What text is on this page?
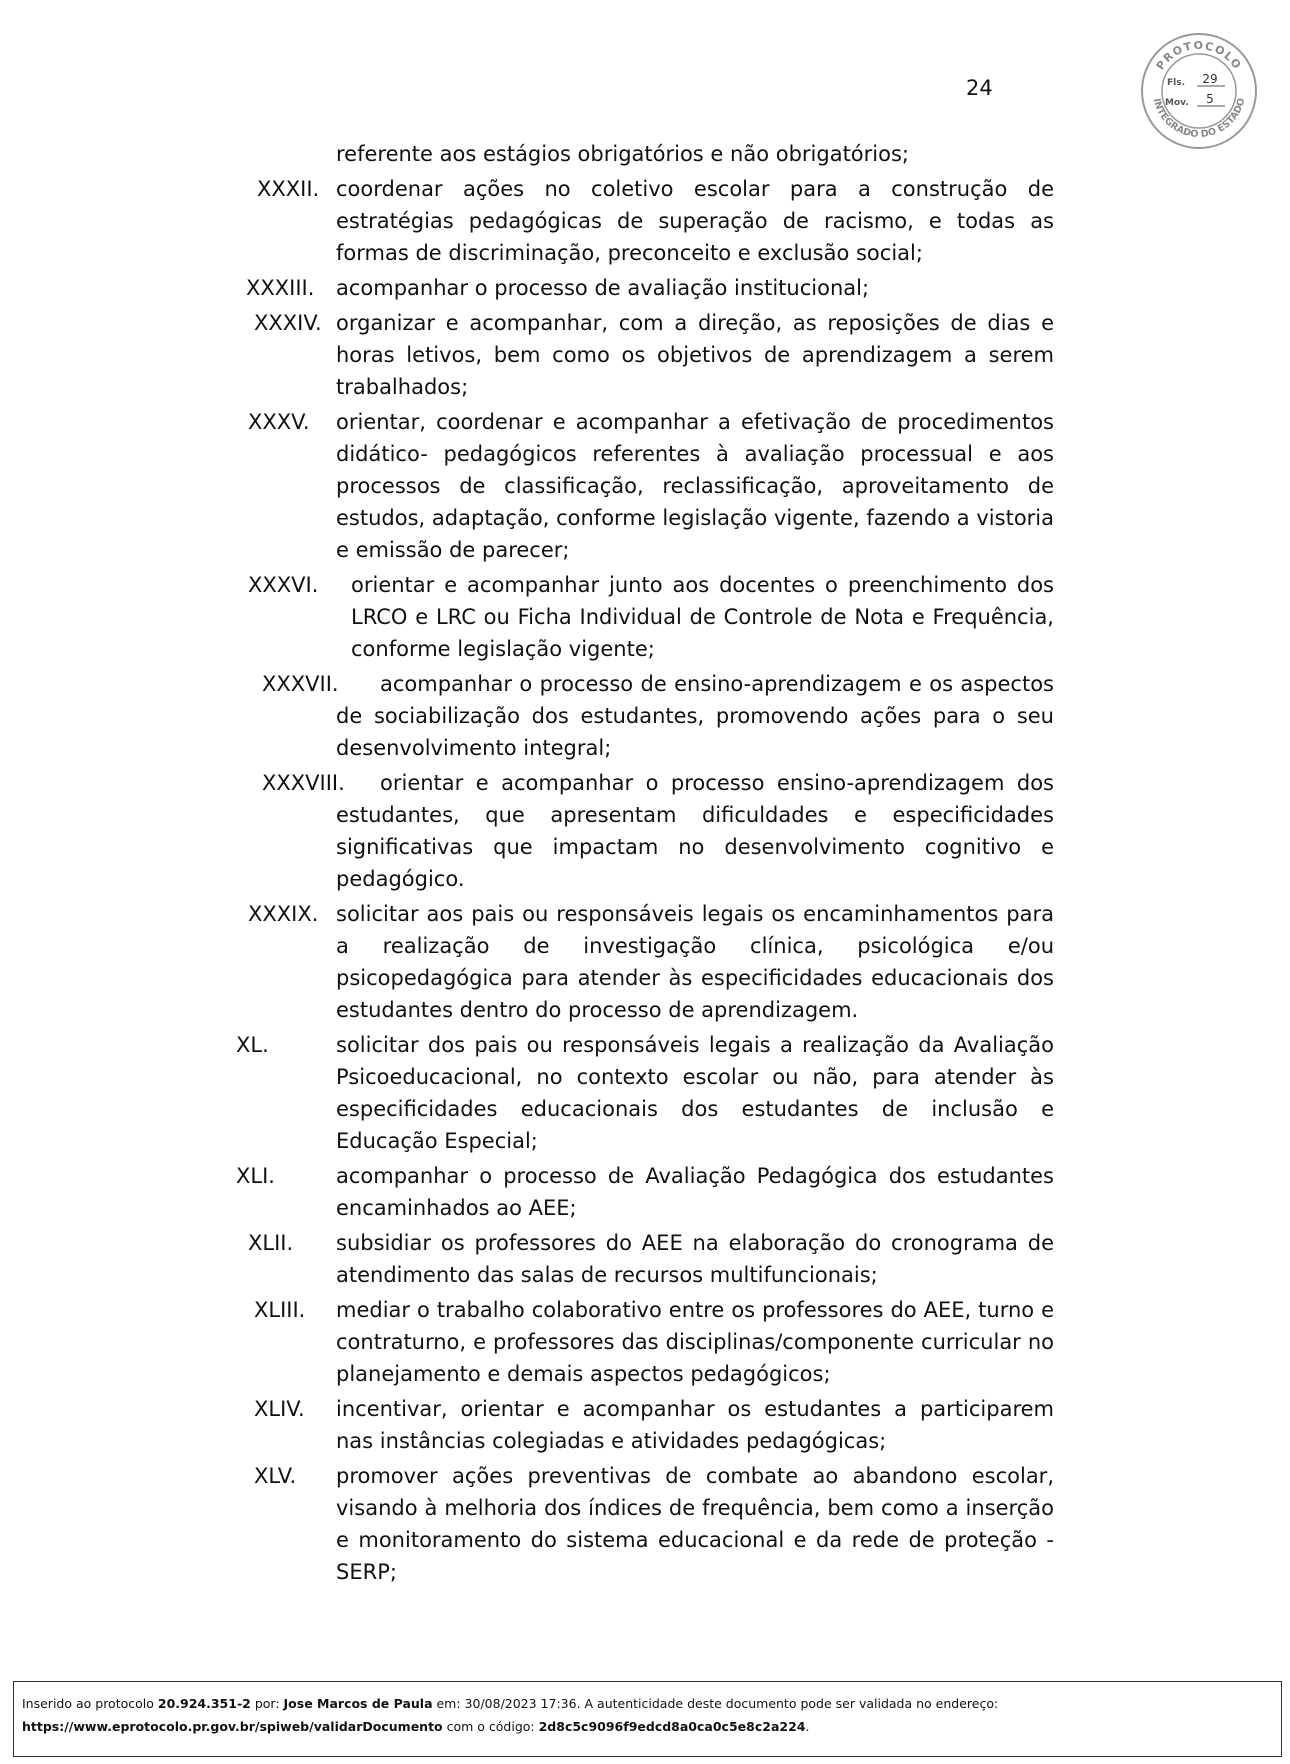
24
PROTOCOLO
INTEGRADO DO ESTADO
Fls. 29
Mov. 5
referente aos estágios obrigatórios e não obrigatórios;
XXXII. coordenar ações no coletivo escolar para a construção de estratégias pedagógicas de superação de racismo, e todas as formas de discriminação, preconceito e exclusão social;
XXXIII. acompanhar o processo de avaliação institucional;
XXXIV. organizar e acompanhar, com a direção, as reposições de dias e horas letivos, bem como os objetivos de aprendizagem a serem trabalhados;
XXXV. orientar, coordenar e acompanhar a efetivação de procedimentos didático- pedagógicos referentes à avaliação processual e aos processos de classificação, reclassificação, aproveitamento de estudos, adaptação, conforme legislação vigente, fazendo a vistoria e emissão de parecer;
XXXVI. orientar e acompanhar junto aos docentes o preenchimento dos LRCO e LRC ou Ficha Individual de Controle de Nota e Frequência, conforme legislação vigente;
XXXVII.	acompanhar o processo de ensino-aprendizagem e os aspectos de sociabilização dos estudantes, promovendo ações para o seu desenvolvimento integral;
XXXVIII.	orientar e acompanhar o processo ensino-aprendizagem dos estudantes, que apresentam dificuldades e especificidades significativas que impactam no desenvolvimento cognitivo e pedagógico.
XXXIX. solicitar aos pais ou responsáveis legais os encaminhamentos para a realização de investigação clínica, psicológica e/ou psicopedagógica para atender às especificidades educacionais dos estudantes dentro do processo de aprendizagem.
XL.	solicitar dos pais ou responsáveis legais a realização da Avaliação Psicoeducacional, no contexto escolar ou não, para atender às especificidades educacionais dos estudantes de inclusão e Educação Especial;
XLI.	acompanhar o processo de Avaliação Pedagógica dos estudantes encaminhados ao AEE;
XLII. subsidiar os professores do AEE na elaboração do cronograma de atendimento das salas de recursos multifuncionais;
XLIII. mediar o trabalho colaborativo entre os professores do AEE, turno e contraturno, e professores das disciplinas/componente curricular no planejamento e demais aspectos pedagógicos;
XLIV. incentivar, orientar e acompanhar os estudantes a participarem nas instâncias colegiadas e atividades pedagógicas;
XLV. promover ações preventivas de combate ao abandono escolar, visando à melhoria dos índices de frequência, bem como a inserção e monitoramento do sistema educacional e da rede de proteção - SERP;
Inserido ao protocolo 20.924.351-2 por: Jose Marcos de Paula em: 30/08/2023 17:36. A autenticidade deste documento pode ser validada no endereço:
https://www.eprotocolo.pr.gov.br/spiweb/validarDocumento com o código: 2d8c5c9096f9edcd8a0ca0c5e8c2a224.
